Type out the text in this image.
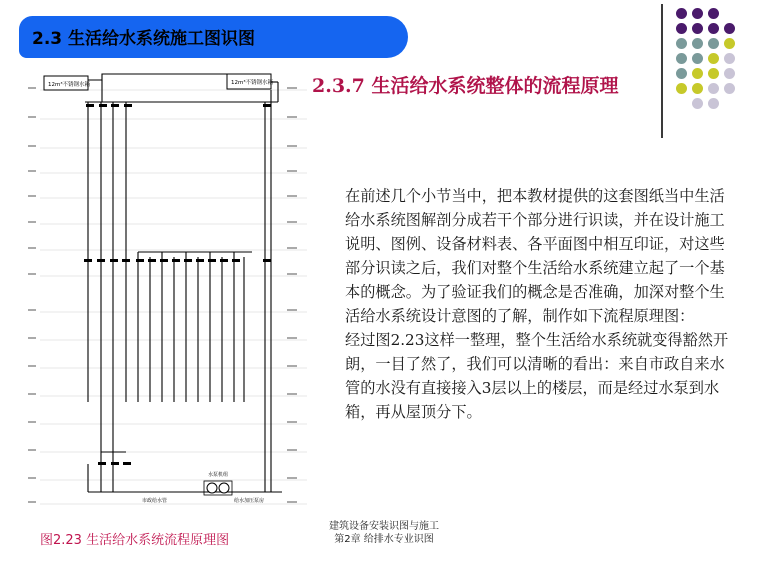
2.3 生活给水系统施工图识图
2.3.7 生活给水系统整体的流程原理

在前述几个小节当中，把本教材提供的这套图纸当中生活给水系统图解剖分成若干个部分进行识读，并在设计施工说明、图例、设备材料表、各平面图中相互印证，对这些部分识读之后，我们对整个生活给水系统建立起了一个基本的概念。为了验证我们的概念是否准确，加深对整个生活给水系统设计意图的了解，制作如下流程原理图：

经过图2.23这样一整理，整个生活给水系统就变得豁然开朗，一目了然了，我们可以清晰的看出：来自市政自来水管的水没有直接接入3层以上的楼层，而是经过水泵到水箱，再从屋顶分下。

12m³不锈钢水箱	12m³不锈钢水箱
水泵机组
市政给水管	给水加压泵房
图2.23 生活给水系统流程原理图
建筑设备安装识图与施工
第2章 给排水专业识图
